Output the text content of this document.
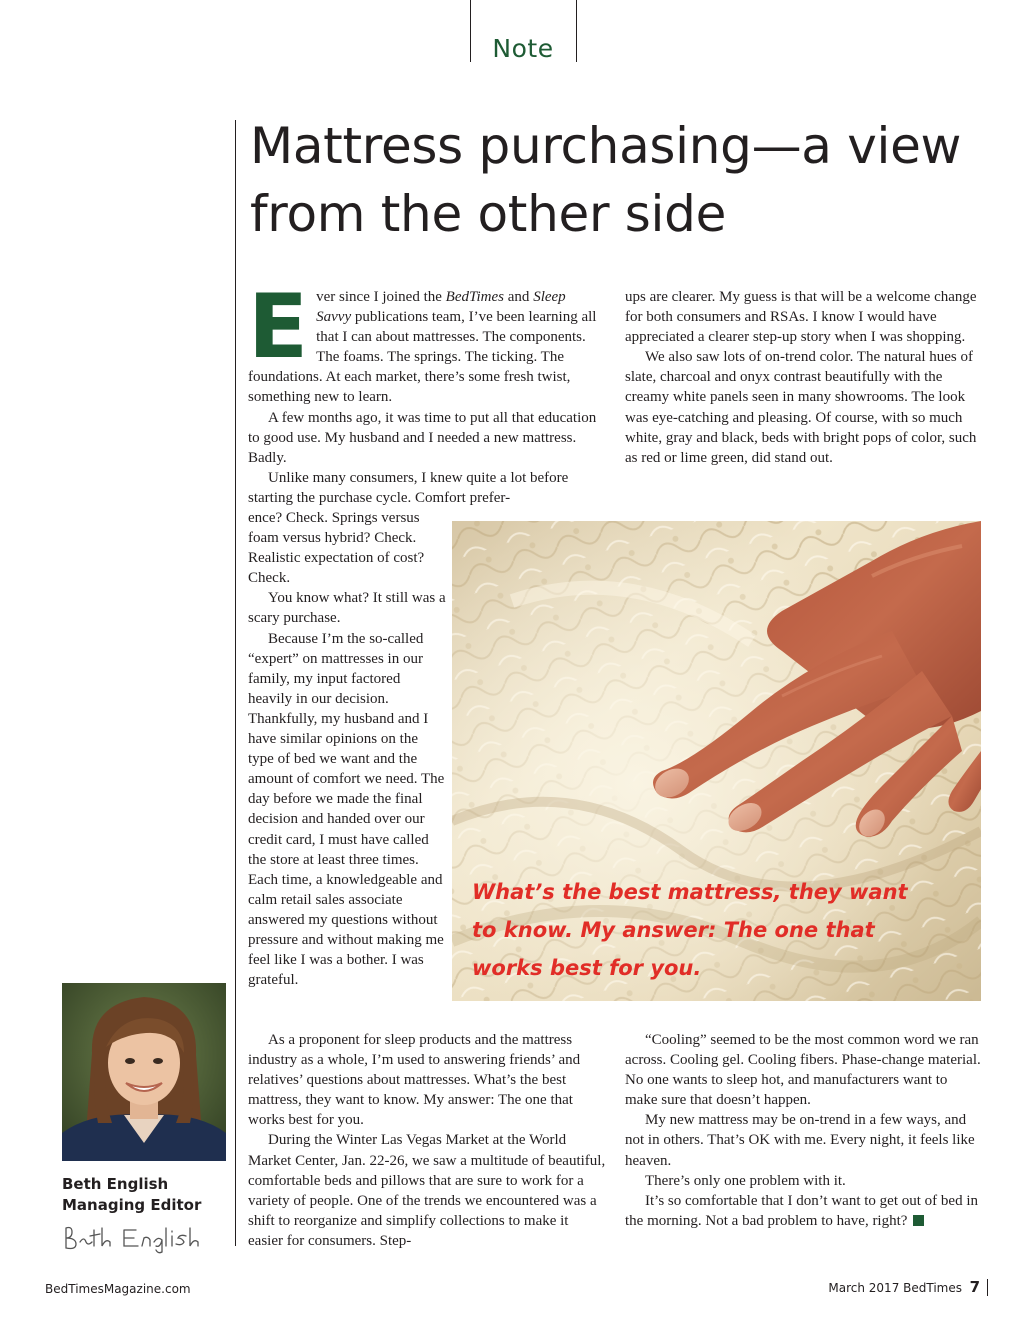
Note
Mattress purchasing—a view from the other side

Ever since I joined the BedTimes and Sleep Savvy publications team, I’ve been learning all that I can about mattresses. The components. The foams. The springs. The ticking. The foundations. At each market, there’s some fresh twist, something new to learn.

A few months ago, it was time to put all that education to good use. My husband and I needed a new mattress. Badly.

Unlike many consumers, I knew quite a lot before starting the purchase cycle. Comfort prefer-

ence? Check. Springs versus foam versus hybrid? Check. Realistic expectation of cost? Check.

You know what? It still was a scary purchase.

Because I’m the so-called “expert” on mattresses in our family, my input factored heavily in our decision. Thankfully, my husband and I have similar opinions on the type of bed we want and the amount of comfort we need. The day before we made the final decision and handed over our credit card, I must have called the store at least three times. Each time, a knowledgeable and calm retail sales associate answered my questions without pressure and without making me feel like I was a bother. I was grateful.

As a proponent for sleep products and the mattress industry as a whole, I’m used to answering friends’ and relatives’ questions about mattresses. What’s the best mattress, they want to know. My answer: The one that works best for you.

During the Winter Las Vegas Market at the World Market Center, Jan. 22-26, we saw a multitude of beautiful, comfortable beds and pillows that are sure to work for a variety of people. One of the trends we encountered was a shift to reorganize and simplify collections to make it easier for consumers. Step-

ups are clearer. My guess is that will be a welcome change for both consumers and RSAs. I know I would have appreciated a clearer step-up story when I was shopping.

We also saw lots of on-trend color. The natural hues of slate, charcoal and onyx contrast beautifully with the creamy white panels seen in many showrooms. The look was eye-catching and pleasing. Of course, with so much white, gray and black, beds with bright pops of color, such as red or lime green, did stand out.

What’s the best mattress, they want to know. My answer: The one that works best for you.

“Cooling” seemed to be the most common word we ran across. Cooling gel. Cooling fibers. Phase-change material. No one wants to sleep hot, and manufacturers want to make sure that doesn’t happen.

My new mattress may be on-trend in a few ways, and not in others. That’s OK with me. Every night, it feels like heaven.

There’s only one problem with it.

It’s so comfortable that I don’t want to get out of bed in the morning. Not a bad problem to have, right?

Beth English
Managing Editor
BedTimesMagazine.com	March 2017 BedTimes 7
